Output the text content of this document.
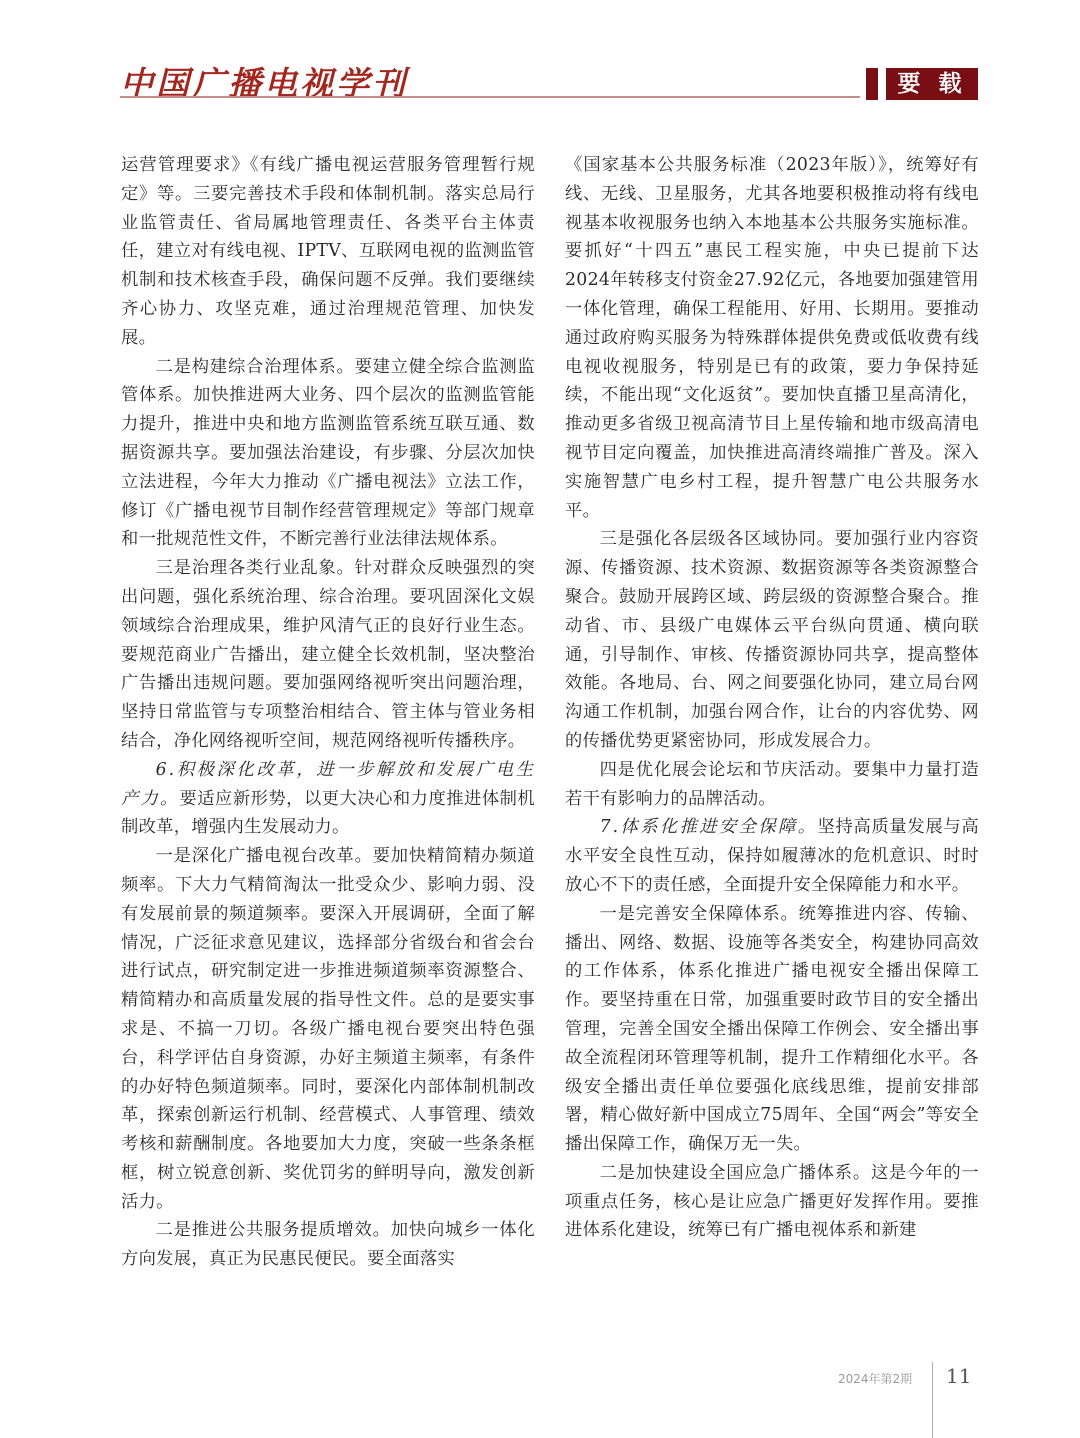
中国广播电视学刊	要 载

运营管理要求》《有线广播电视运营服务管理暂行规定》等。三要完善技术手段和体制机制。落实总局行业监管责任、省局属地管理责任、各类平台主体责任，建立对有线电视、IPTV、互联网电视的监测监管机制和技术核查手段，确保问题不反弹。我们要继续齐心协力、攻坚克难，通过治理规范管理、加快发展。

二是构建综合治理体系。要建立健全综合监测监管体系。加快推进两大业务、四个层次的监测监管能力提升，推进中央和地方监测监管系统互联互通、数据资源共享。要加强法治建设，有步骤、分层次加快立法进程，今年大力推动《广播电视法》立法工作，修订《广播电视节目制作经营管理规定》等部门规章和一批规范性文件，不断完善行业法律法规体系。

三是治理各类行业乱象。针对群众反映强烈的突出问题，强化系统治理、综合治理。要巩固深化文娱领域综合治理成果，维护风清气正的良好行业生态。要规范商业广告播出，建立健全长效机制，坚决整治广告播出违规问题。要加强网络视听突出问题治理，坚持日常监管与专项整治相结合、管主体与管业务相结合，净化网络视听空间，规范网络视听传播秩序。

6.积极深化改革，进一步解放和发展广电生产力。要适应新形势，以更大决心和力度推进体制机制改革，增强内生发展动力。

一是深化广播电视台改革。要加快精简精办频道频率。下大力气精简淘汰一批受众少、影响力弱、没有发展前景的频道频率。要深入开展调研，全面了解情况，广泛征求意见建议，选择部分省级台和省会台进行试点，研究制定进一步推进频道频率资源整合、精简精办和高质量发展的指导性文件。总的是要实事求是、不搞一刀切。各级广播电视台要突出特色强台，科学评估自身资源，办好主频道主频率，有条件的办好特色频道频率。同时，要深化内部体制机制改革，探索创新运行机制、经营模式、人事管理、绩效考核和薪酬制度。各地要加大力度，突破一些条条框框，树立锐意创新、奖优罚劣的鲜明导向，激发创新活力。

二是推进公共服务提质增效。加快向城乡一体化方向发展，真正为民惠民便民。要全面落实

《国家基本公共服务标准（2023年版）》，统筹好有线、无线、卫星服务，尤其各地要积极推动将有线电视基本收视服务也纳入本地基本公共服务实施标准。要抓好“十四五”惠民工程实施，中央已提前下达2024年转移支付资金27.92亿元，各地要加强建管用一体化管理，确保工程能用、好用、长期用。要推动通过政府购买服务为特殊群体提供免费或低收费有线电视收视服务，特别是已有的政策，要力争保持延续，不能出现“文化返贫”。要加快直播卫星高清化，推动更多省级卫视高清节目上星传输和地市级高清电视节目定向覆盖，加快推进高清终端推广普及。深入实施智慧广电乡村工程，提升智慧广电公共服务水平。

三是强化各层级各区域协同。要加强行业内容资源、传播资源、技术资源、数据资源等各类资源整合聚合。鼓励开展跨区域、跨层级的资源整合聚合。推动省、市、县级广电媒体云平台纵向贯通、横向联通，引导制作、审核、传播资源协同共享，提高整体效能。各地局、台、网之间要强化协同，建立局台网沟通工作机制，加强台网合作，让台的内容优势、网的传播优势更紧密协同，形成发展合力。

四是优化展会论坛和节庆活动。要集中力量打造若干有影响力的品牌活动。

7.体系化推进安全保障。坚持高质量发展与高水平安全良性互动，保持如履薄冰的危机意识、时时放心不下的责任感，全面提升安全保障能力和水平。

一是完善安全保障体系。统筹推进内容、传输、播出、网络、数据、设施等各类安全，构建协同高效的工作体系，体系化推进广播电视安全播出保障工作。要坚持重在日常，加强重要时政节目的安全播出管理，完善全国安全播出保障工作例会、安全播出事故全流程闭环管理等机制，提升工作精细化水平。各级安全播出责任单位要强化底线思维，提前安排部署，精心做好新中国成立75周年、全国“两会”等安全播出保障工作，确保万无一失。

二是加快建设全国应急广播体系。这是今年的一项重点任务，核心是让应急广播更好发挥作用。要推进体系化建设，统筹已有广播电视体系和新建

2024年第2期 11
